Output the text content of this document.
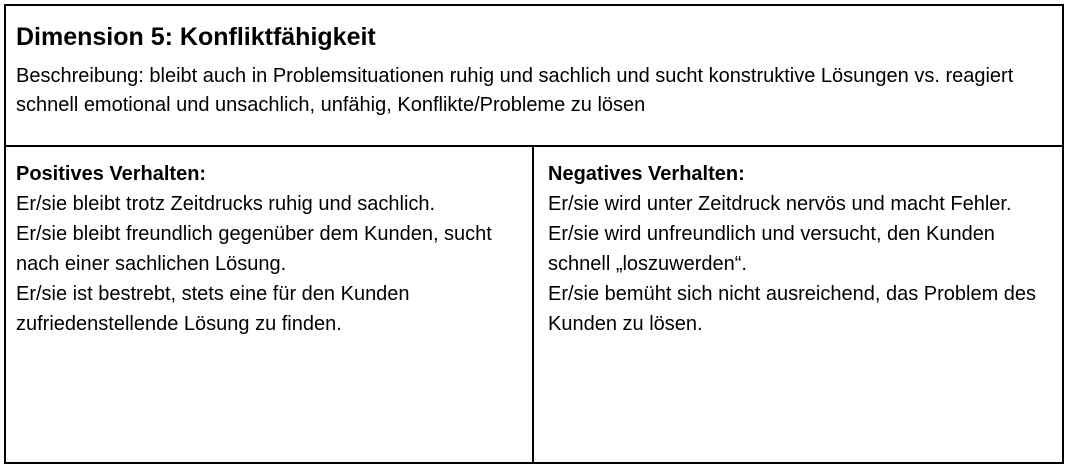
Dimension 5: Konfliktfähigkeit
Beschreibung: bleibt auch in Problemsituationen ruhig und sachlich und sucht konstruktive Lösungen vs. reagiert schnell emotional und unsachlich, unfähig, Konflikte/Probleme zu lösen
Positives Verhalten:
Er/sie bleibt trotz Zeitdrucks ruhig und sachlich.
Er/sie bleibt freundlich gegenüber dem Kunden, sucht nach einer sachlichen Lösung.
Er/sie ist bestrebt, stets eine für den Kunden zufriedenstellende Lösung zu finden.
Negatives Verhalten:
Er/sie wird unter Zeitdruck nervös und macht Fehler.
Er/sie wird unfreundlich und versucht, den Kunden schnell „loszuwerden“.
Er/sie bemüht sich nicht ausreichend, das Problem des Kunden zu lösen.
